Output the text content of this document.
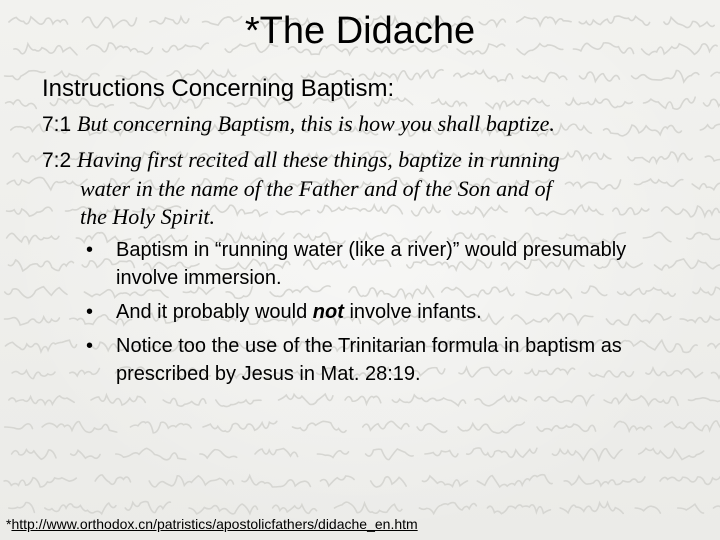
*The Didache
Instructions Concerning Baptism:
7:1 But concerning Baptism, this is how you shall baptize.
7:2 Having first recited all these things, baptize in running
water in the name of the Father and of the Son and of
the Holy Spirit.
• Baptism in “running water (like a river)” would presumably involve immersion.
• And it probably would not involve infants.
• Notice too the use of the Trinitarian formula in baptism as prescribed by Jesus in Mat. 28:19.
*http://www.orthodox.cn/patristics/apostolicfathers/didache_en.htm
